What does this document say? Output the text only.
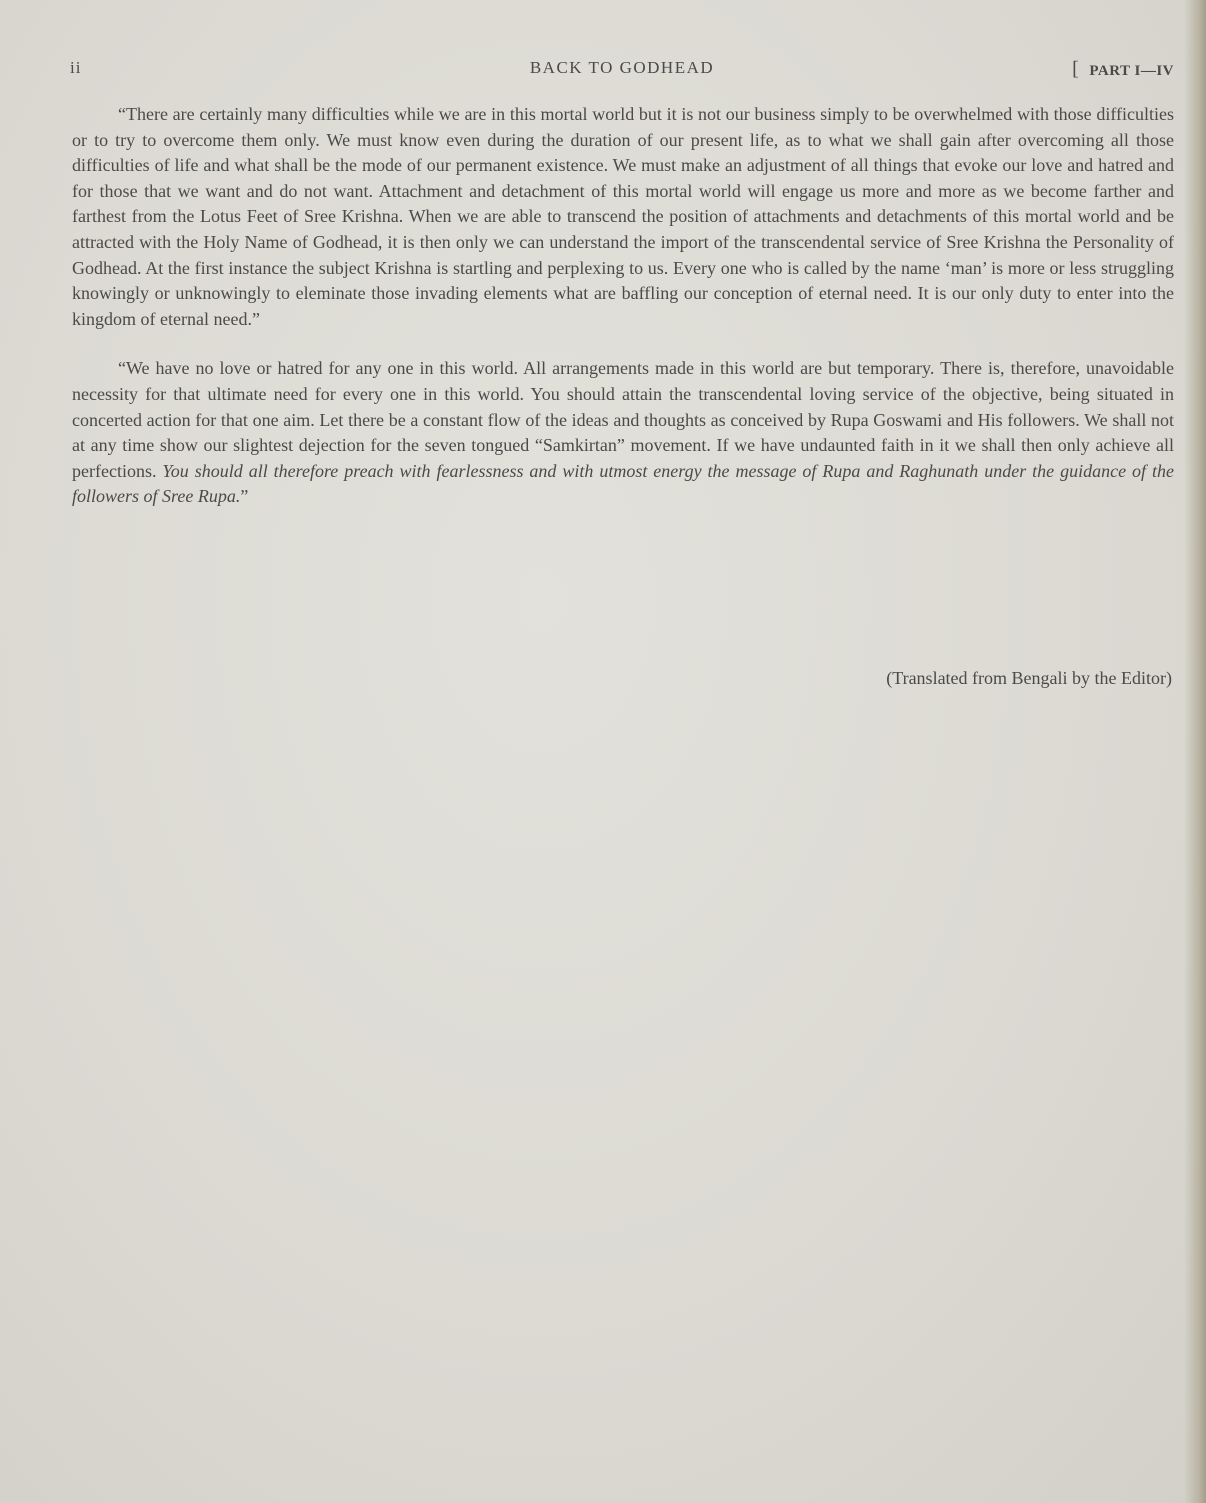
ii	BACK TO GODHEAD	[ PART I—IV

“There are certainly many difficulties while we are in this mortal world but it is not our business simply to be overwhelmed with those difficulties or to try to overcome them only. We must know even during the duration of our present life, as to what we shall gain after overcoming all those difficulties of life and what shall be the mode of our permanent existence. We must make an adjustment of all things that evoke our love and hatred and for those that we want and do not want. Attachment and detachment of this mortal world will engage us more and more as we become farther and farthest from the Lotus Feet of Sree Krishna. When we are able to transcend the position of attachments and detachments of this mortal world and be attracted with the Holy Name of Godhead, it is then only we can understand the import of the transcendental service of Sree Krishna the Personality of Godhead. At the first instance the subject Krishna is startling and perplexing to us. Every one who is called by the name ‘man’ is more or less struggling knowingly or unknowingly to eleminate those invading elements what are baffling our conception of eternal need. It is our only duty to enter into the kingdom of eternal need.”

“We have no love or hatred for any one in this world. All arrangements made in this world are but temporary. There is, therefore, unavoidable necessity for that ultimate need for every one in this world. You should attain the transcendental loving service of the objective, being situated in concerted action for that one aim. Let there be a constant flow of the ideas and thoughts as conceived by Rupa Goswami and His followers. We shall not at any time show our slightest dejection for the seven tongued “Samkirtan” movement. If we have undaunted faith in it we shall then only achieve all perfections. You should all therefore preach with fearlessness and with utmost energy the message of Rupa and Raghunath under the guidance of the followers of Sree Rupa.”

(Translated from Bengali by the Editor)
